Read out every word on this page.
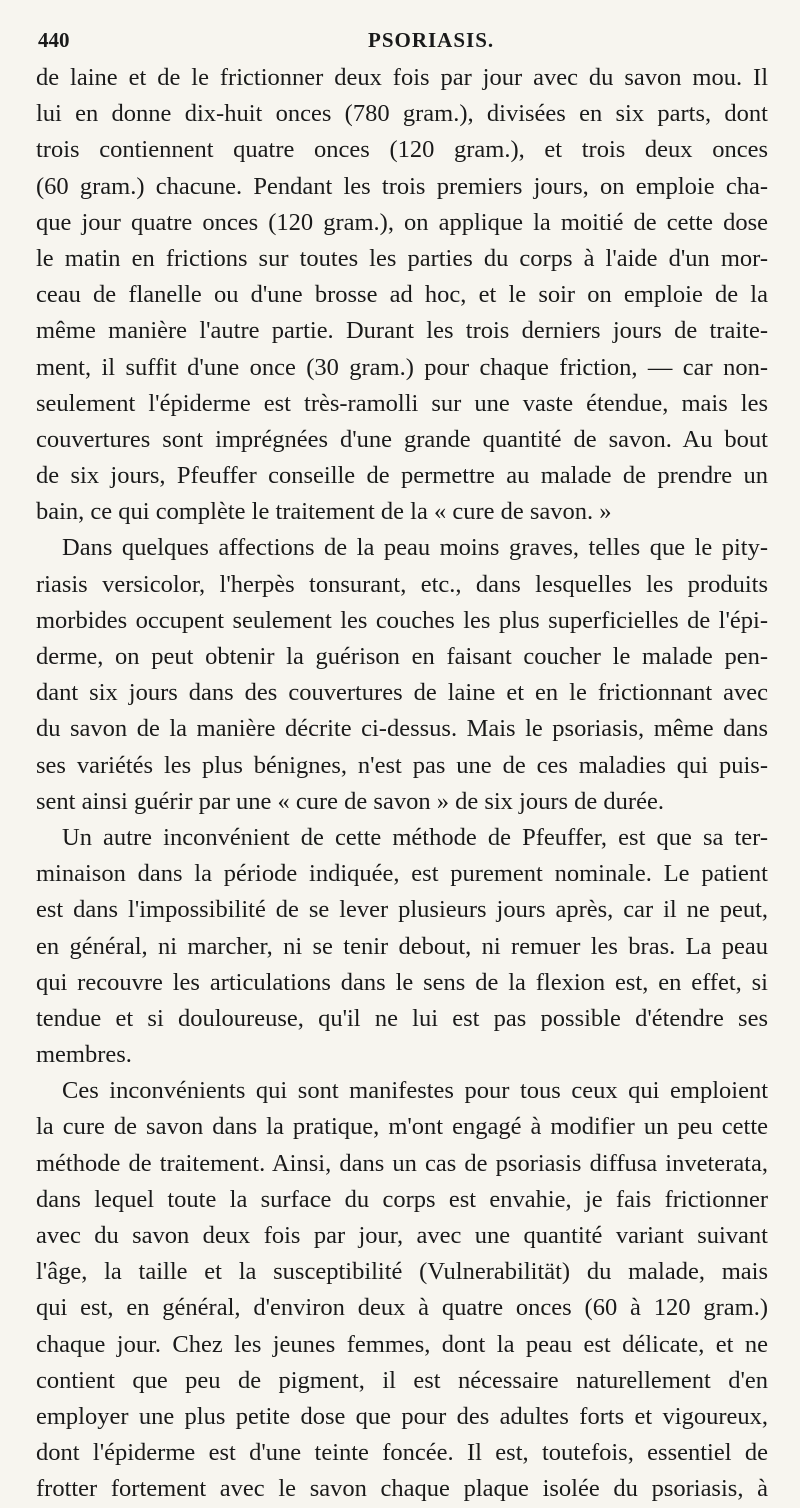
440	PSORIASIS.
de laine et de le frictionner deux fois par jour avec du savon mou. Il
lui en donne dix-huit onces (780 gram.), divisées en six parts, dont
trois contiennent quatre onces (120 gram.), et trois deux onces
(60 gram.) chacune. Pendant les trois premiers jours, on emploie cha-
que jour quatre onces (120 gram.), on applique la moitié de cette dose
le matin en frictions sur toutes les parties du corps à l'aide d'un mor-
ceau de flanelle ou d'une brosse ad hoc, et le soir on emploie de la
même manière l'autre partie. Durant les trois derniers jours de traite-
ment, il suffit d'une once (30 gram.) pour chaque friction, — car non-
seulement l'épiderme est très-ramolli sur une vaste étendue, mais les
couvertures sont imprégnées d'une grande quantité de savon. Au bout
de six jours, Pfeuffer conseille de permettre au malade de prendre un
bain, ce qui complète le traitement de la « cure de savon. »
Dans quelques affections de la peau moins graves, telles que le pity-
riasis versicolor, l'herpès tonsurant, etc., dans lesquelles les produits
morbides occupent seulement les couches les plus superficielles de l'épi-
derme, on peut obtenir la guérison en faisant coucher le malade pen-
dant six jours dans des couvertures de laine et en le frictionnant avec
du savon de la manière décrite ci-dessus. Mais le psoriasis, même dans
ses variétés les plus bénignes, n'est pas une de ces maladies qui puis-
sent ainsi guérir par une « cure de savon » de six jours de durée.
Un autre inconvénient de cette méthode de Pfeuffer, est que sa ter-
minaison dans la période indiquée, est purement nominale. Le patient
est dans l'impossibilité de se lever plusieurs jours après, car il ne peut,
en général, ni marcher, ni se tenir debout, ni remuer les bras. La peau
qui recouvre les articulations dans le sens de la flexion est, en effet, si
tendue et si douloureuse, qu'il ne lui est pas possible d'étendre ses
membres.
Ces inconvénients qui sont manifestes pour tous ceux qui emploient
la cure de savon dans la pratique, m'ont engagé à modifier un peu cette
méthode de traitement. Ainsi, dans un cas de psoriasis diffusa inveterata,
dans lequel toute la surface du corps est envahie, je fais frictionner
avec du savon deux fois par jour, avec une quantité variant suivant
l'âge, la taille et la susceptibilité (Vulnerabilität) du malade, mais
qui est, en général, d'environ deux à quatre onces (60 à 120 gram.)
chaque jour. Chez les jeunes femmes, dont la peau est délicate, et ne
contient que peu de pigment, il est nécessaire naturellement d'en
employer une plus petite dose que pour des adultes forts et vigoureux,
dont l'épiderme est d'une teinte foncée. Il est, toutefois, essentiel de
frotter fortement avec le savon chaque plaque isolée du psoriasis, à
